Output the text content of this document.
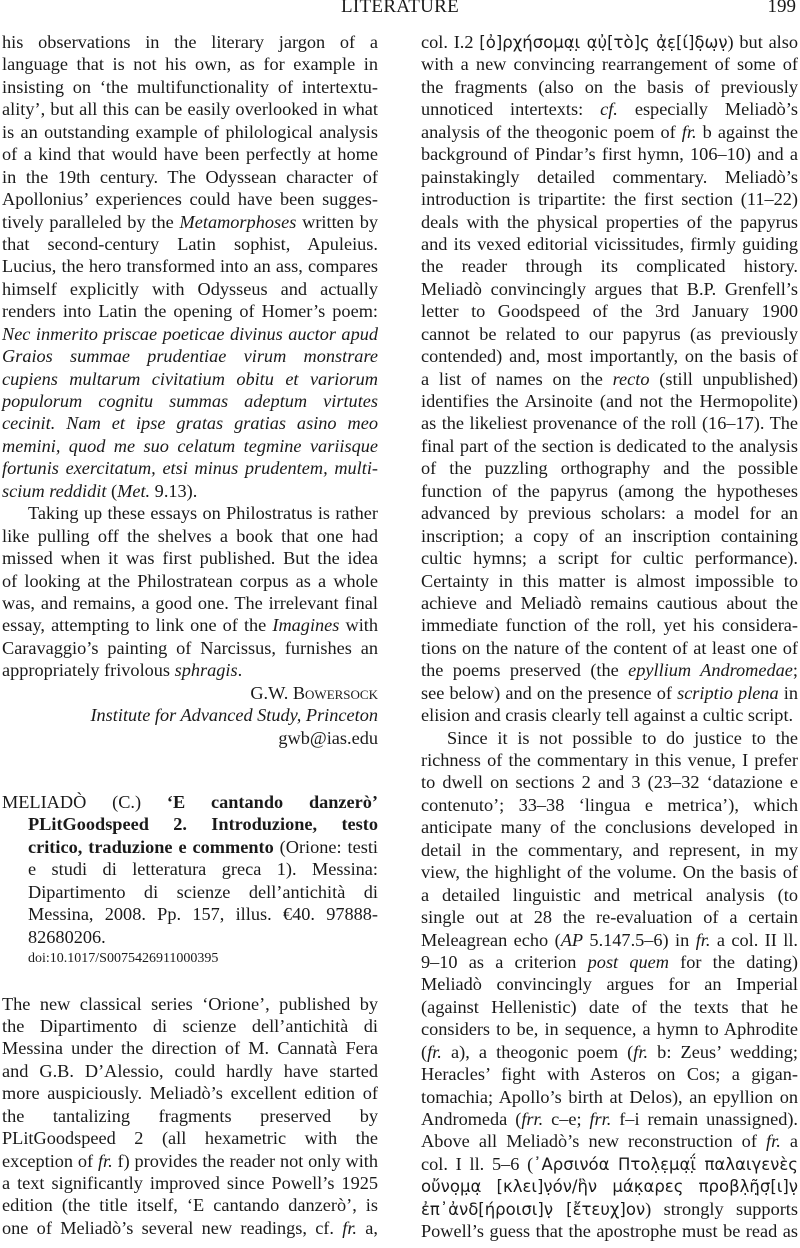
LITERATURE	199
his observations in the literary jargon of a
language that is not his own, as for example in
insisting on ‘the multifunctionality of intertextu-
ality’, but all this can be easily overlooked in what
is an outstanding example of philological analysis
of a kind that would have been perfectly at home
in the 19th century. The Odyssean character of
Apollonius’ experiences could have been sugges-
tively paralleled by the Metamorphoses written by
that second-century Latin sophist, Apuleius.
Lucius, the hero transformed into an ass, compares
himself explicitly with Odysseus and actually
renders into Latin the opening of Homer’s poem:
Nec inmerito priscae poeticae divinus auctor apud
Graios summae prudentiae virum monstrare
cupiens multarum civitatium obitu et variorum
populorum cognitu summas adeptum virtutes
cecinit. Nam et ipse gratas gratias asino meo
memini, quod me suo celatum tegmine variisque
fortunis exercitatum, etsi minus prudentem, multi-
scium reddidit (Met. 9.13).
Taking up these essays on Philostratus is rather
like pulling off the shelves a book that one had
missed when it was first published. But the idea
of looking at the Philostratean corpus as a whole
was, and remains, a good one. The irrelevant final
essay, attempting to link one of the Imagines with
Caravaggio’s painting of Narcissus, furnishes an
appropriately frivolous sphragis.
G.W. Bowersock
Institute for Advanced Study, Princeton
gwb@ias.edu
MELIADÒ (C.) ‘E cantando danzerò’
PLitGoodspeed 2. Introduzione, testo
critico, traduzione e commento (Orione: testi
e studi di letteratura greca 1). Messina:
Dipartimento di scienze dell’antichità di
Messina, 2008. Pp. 157, illus. €40. 97888-
82680206.
doi:10.1017/S0075426911000395
The new classical series ‘Orione’, published by
the Dipartimento di scienze dell’antichità di
Messina under the direction of M. Cannatà Fera
and G.B. D’Alessio, could hardly have started
more auspiciously. Meliadò’s excellent edition of
the tantalizing fragments preserved by
PLitGoodspeed 2 (all hexametric with the
exception of fr. f) provides the reader not only with
a text significantly improved since Powell’s 1925
edition (the title itself, ‘E cantando danzerò’, is
one of Meliadò’s several new readings, cf. fr. a,
col. I.2 [ὀ]ρχήσομα̣ι̣ α̣ὐ̣[τὸ]ς ἀ̣ε̣[ί]δ̣ω̣ν̣) but also
with a new convincing rearrangement of some of
the fragments (also on the basis of previously
unnoticed intertexts: cf. especially Meliadò’s
analysis of the theogonic poem of fr. b against the
background of Pindar’s first hymn, 106–10) and a
painstakingly detailed commentary. Meliadò’s
introduction is tripartite: the first section (11–22)
deals with the physical properties of the papyrus
and its vexed editorial vicissitudes, firmly guiding
the reader through its complicated history.
Meliadò convincingly argues that B.P. Grenfell’s
letter to Goodspeed of the 3rd January 1900
cannot be related to our papyrus (as previously
contended) and, most importantly, on the basis of
a list of names on the recto (still unpublished)
identifies the Arsinoite (and not the Hermopolite)
as the likeliest provenance of the roll (16–17). The
final part of the section is dedicated to the analysis
of the puzzling orthography and the possible
function of the papyrus (among the hypotheses
advanced by previous scholars: a model for an
inscription; a copy of an inscription containing
cultic hymns; a script for cultic performance).
Certainty in this matter is almost impossible to
achieve and Meliadò remains cautious about the
immediate function of the roll, yet his considera-
tions on the nature of the content of at least one of
the poems preserved (the epyllium Andromedae;
see below) and on the presence of scriptio plena in
elision and crasis clearly tell against a cultic script.
Since it is not possible to do justice to the
richness of the commentary in this venue, I prefer
to dwell on sections 2 and 3 (23–32 ‘datazione e
contenuto’; 33–38 ‘lingua e metrica’), which
anticipate many of the conclusions developed in
detail in the commentary, and represent, in my
view, the highlight of the volume. On the basis of
a detailed linguistic and metrical analysis (to
single out at 28 the re-evaluation of a certain
Meleagrean echo (AP 5.147.5–6) in fr. a col. II ll.
9–10 as a criterion post quem for the dating)
Meliadò convincingly argues for an Imperial
(against Hellenistic) date of the texts that he
considers to be, in sequence, a hymn to Aphrodite
(fr. a), a theogonic poem (fr. b: Zeus’ wedding;
Heracles’ fight with Asteros on Cos; a gigan-
tomachia; Apollo’s birth at Delos), an epyllion on
Andromeda (frr. c–e; frr. f–i remain unassigned).
Above all Meliadò’s new reconstruction of fr. a
col. I ll. 5–6 (᾿Αρσινόα Πτολ̣ε̣μα̣ΐ̣ παλαιγενὲς
οὔνο̣μ̣α̣ [κλει]ν̣όν/ἣν μάκ̣αρες προβλ̣ῆ̣σ̣[ι]ν̣
ἐπ᾿ἀνδ[ήροισι]ν̣ [ἔτευχ]ον) strongly supports
Powell’s guess that the apostrophe must be read as
